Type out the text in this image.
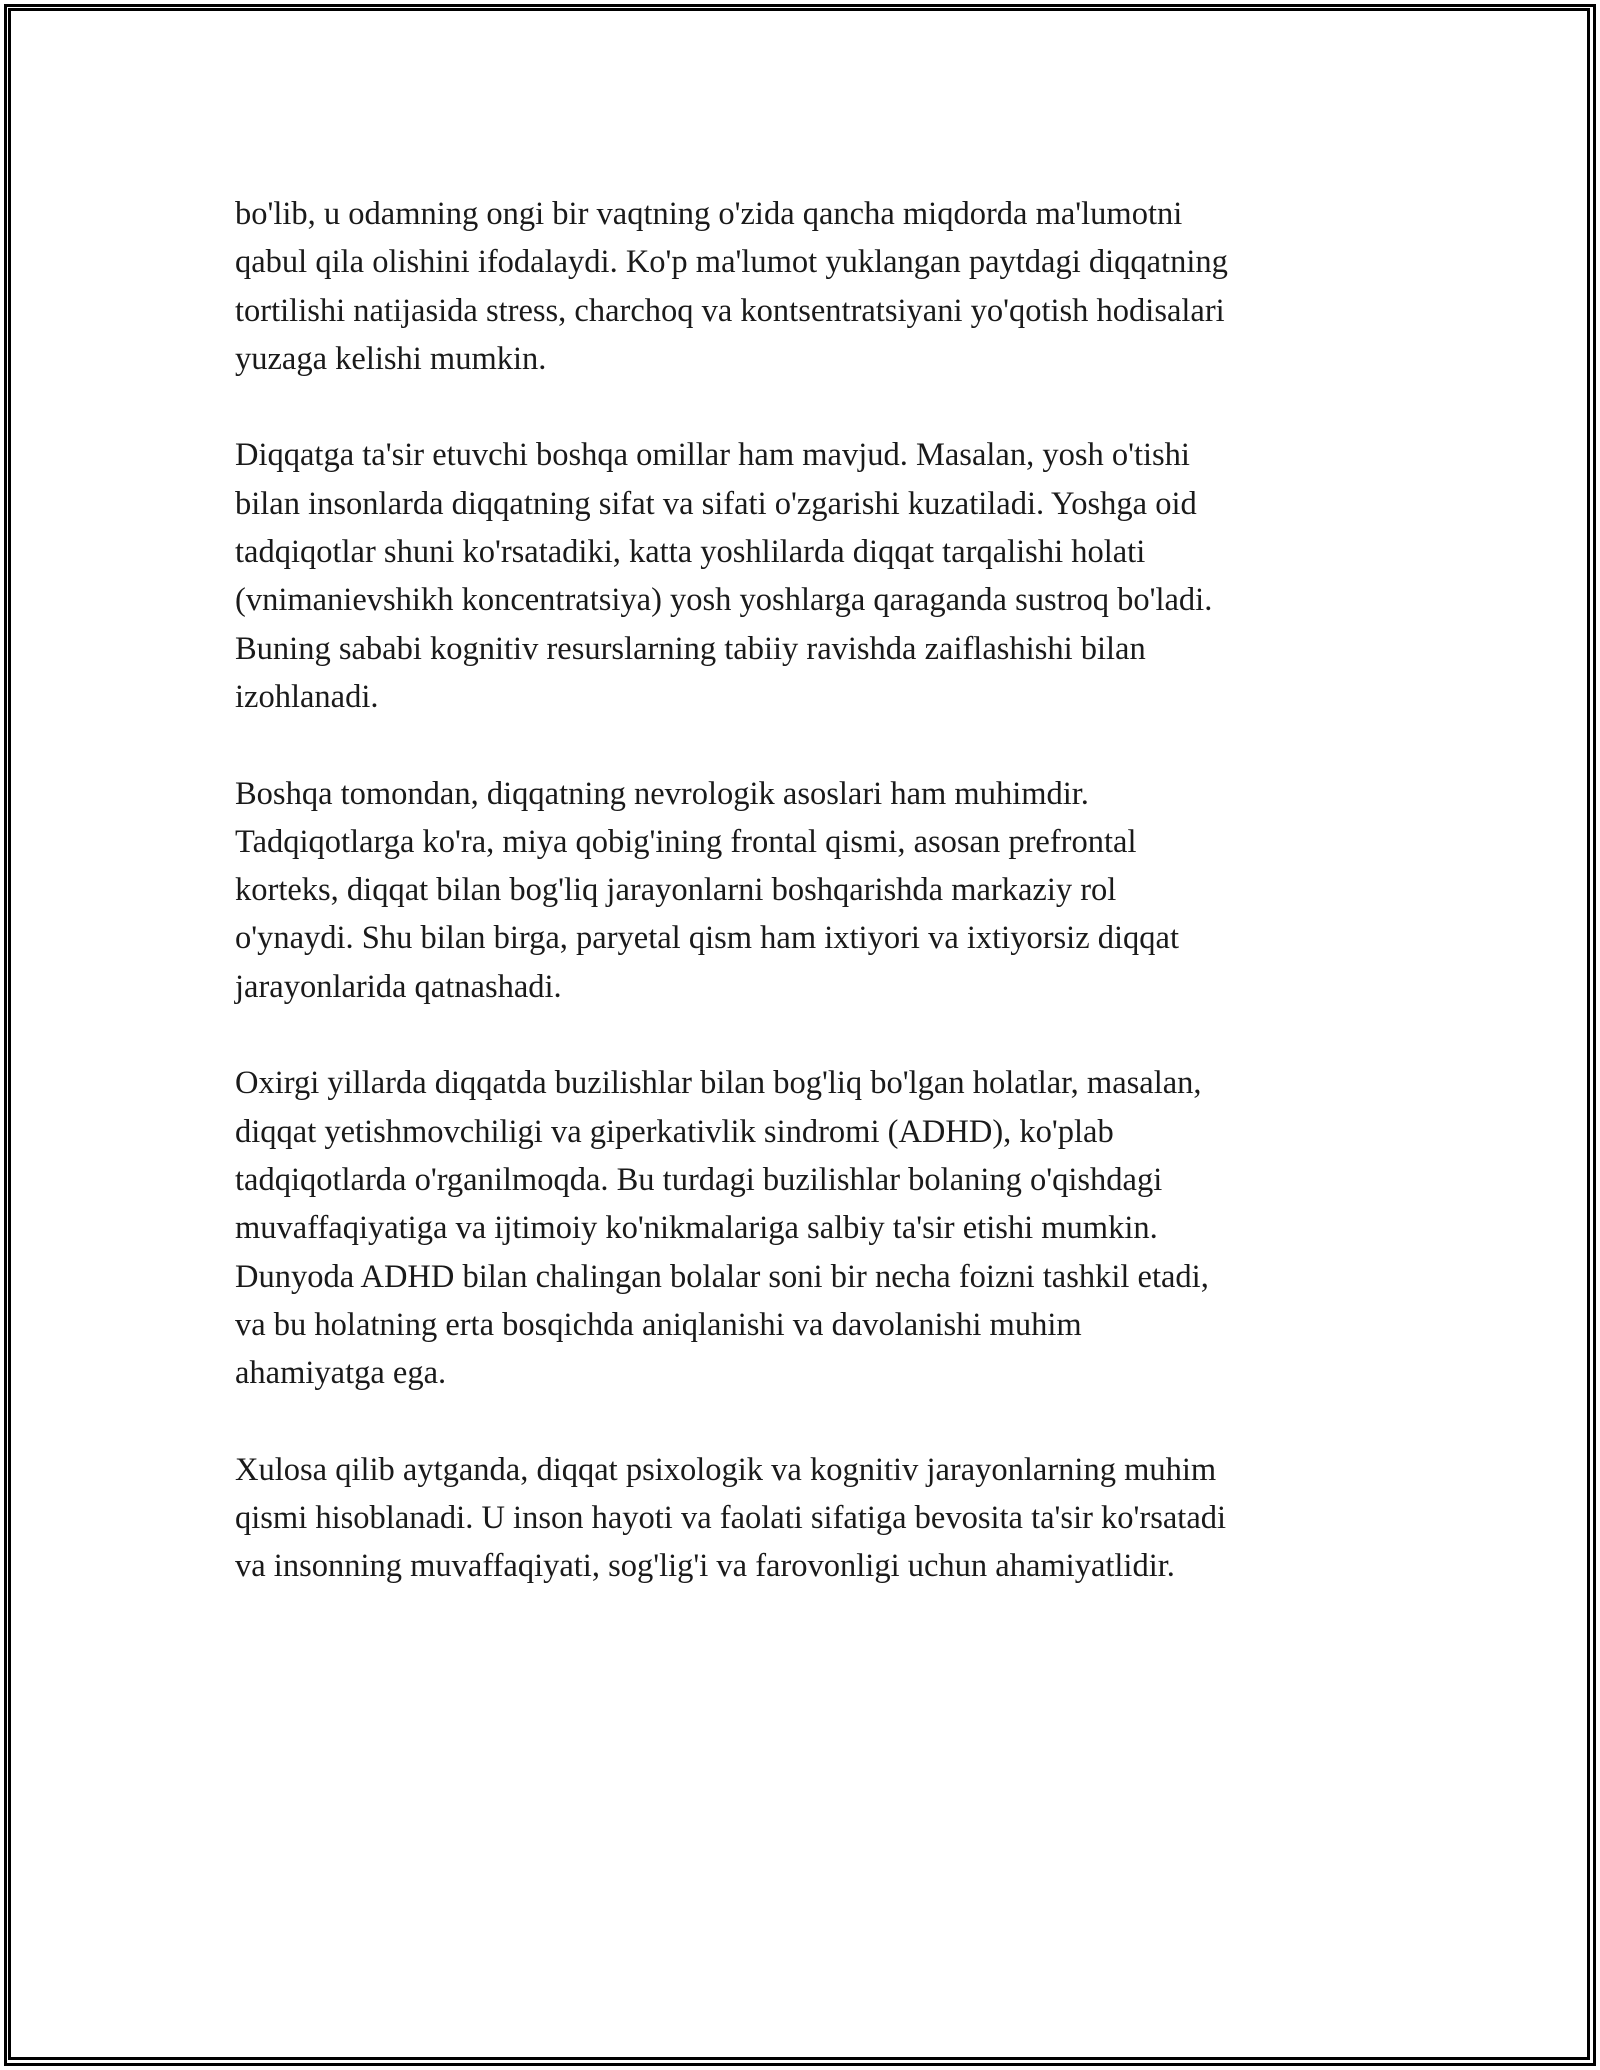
bo'lib, u odamning ongi bir vaqtning o'zida qancha miqdorda ma'lumotni
qabul qila olishini ifodalaydi. Ko'p ma'lumot yuklangan paytdagi diqqatning
tortilishi natijasida stress, charchoq va kontsentratsiyani yo'qotish hodisalari
yuzaga kelishi mumkin.

Diqqatga ta'sir etuvchi boshqa omillar ham mavjud. Masalan, yosh o'tishi
bilan insonlarda diqqatning sifat va sifati o'zgarishi kuzatiladi. Yoshga oid
tadqiqotlar shuni ko'rsatadiki, katta yoshlilarda diqqat tarqalishi holati
(vnimanievshikh koncentratsiya) yosh yoshlarga qaraganda sustroq bo'ladi.
Buning sababi kognitiv resurslarning tabiiy ravishda zaiflashishi bilan
izohlanadi.

Boshqa tomondan, diqqatning nevrologik asoslari ham muhimdir.
Tadqiqotlarga ko'ra, miya qobig'ining frontal qismi, asosan prefrontal
korteks, diqqat bilan bog'liq jarayonlarni boshqarishda markaziy rol
o'ynaydi. Shu bilan birga, paryetal qism ham ixtiyori va ixtiyorsiz diqqat
jarayonlarida qatnashadi.

Oxirgi yillarda diqqatda buzilishlar bilan bog'liq bo'lgan holatlar, masalan,
diqqat yetishmovchiligi va giperkativlik sindromi (ADHD), ko'plab
tadqiqotlarda o'rganilmoqda. Bu turdagi buzilishlar bolaning o'qishdagi
muvaffaqiyatiga va ijtimoiy ko'nikmalariga salbiy ta'sir etishi mumkin.
Dunyoda ADHD bilan chalingan bolalar soni bir necha foizni tashkil etadi,
va bu holatning erta bosqichda aniqlanishi va davolanishi muhim
ahamiyatga ega.

Xulosa qilib aytganda, diqqat psixologik va kognitiv jarayonlarning muhim
qismi hisoblanadi. U inson hayoti va faolati sifatiga bevosita ta'sir ko'rsatadi
va insonning muvaffaqiyati, sog'lig'i va farovonligi uchun ahamiyatlidir.
